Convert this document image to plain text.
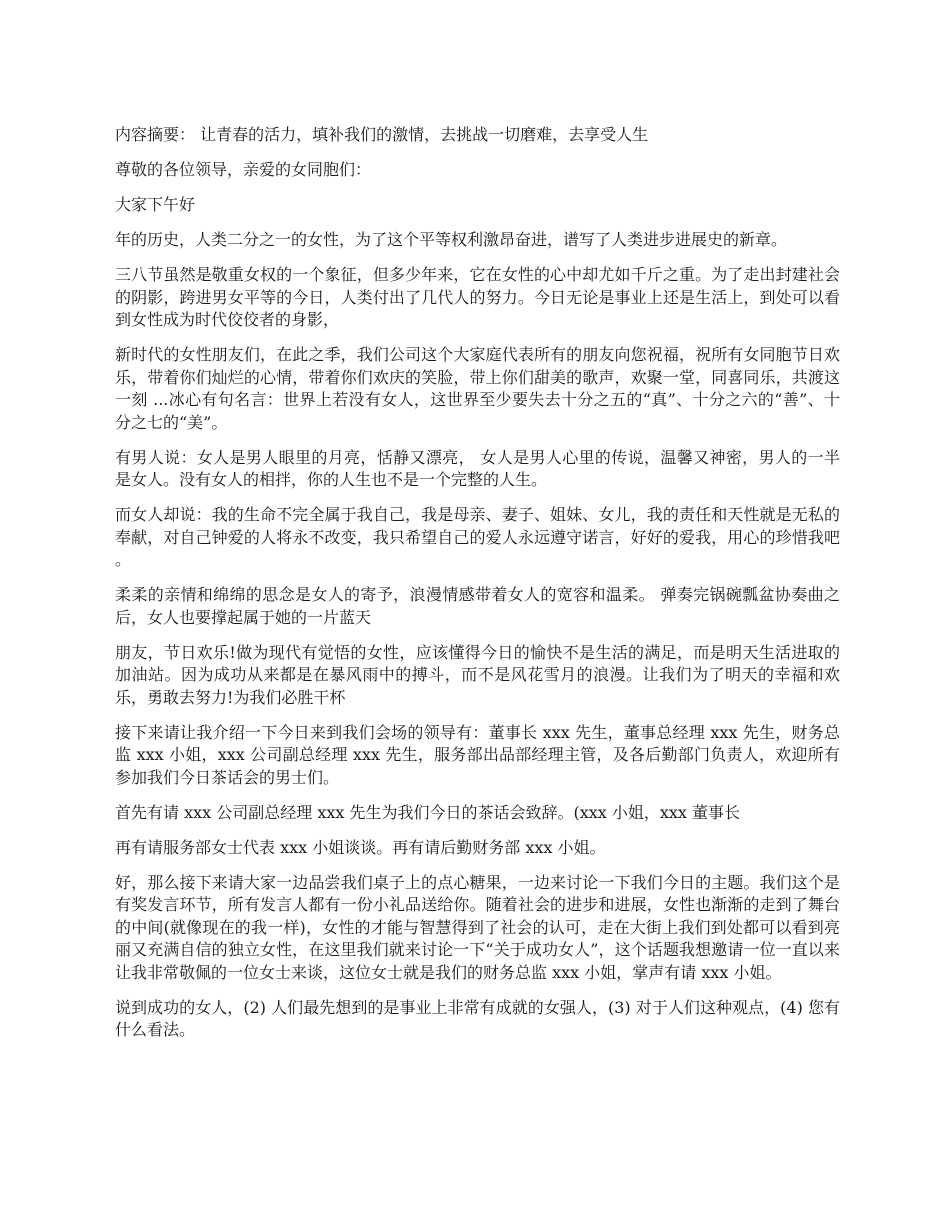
内容摘要： 让青春的活力，填补我们的激情，去挑战一切磨难，去享受人生

尊敬的各位领导，亲爱的女同胞们：

大家下午好

年的历史，人类二分之一的女性，为了这个平等权利激昂奋进，谱写了人类进步进展史的新章。

三八节虽然是敬重女权的一个象征，但多少年来，它在女性的心中却尤如千斤之重。为了走出封建社会的阴影，跨进男女平等的今日，人类付出了几代人的努力。今日无论是事业上还是生活上，到处可以看到女性成为时代佼佼者的身影，

新时代的女性朋友们，在此之季，我们公司这个大家庭代表所有的朋友向您祝福，祝所有女同胞节日欢乐，带着你们灿烂的心情，带着你们欢庆的笑脸，带上你们甜美的歌声，欢聚一堂，同喜同乐，共渡这一刻 ...冰心有句名言：世界上若没有女人，这世界至少要失去十分之五的“真”、十分之六的“善”、十分之七的“美”。

有男人说：女人是男人眼里的月亮，恬静又漂亮， 女人是男人心里的传说，温馨又神密，男人的一半是女人。没有女人的相拌，你的人生也不是一个完整的人生。

而女人却说：我的生命不完全属于我自己，我是母亲、妻子、姐妹、女儿，我的责任和天性就是无私的奉献，对自己钟爱的人将永不改变，我只希望自己的爱人永远遵守诺言，好好的爱我，用心的珍惜我吧 。

柔柔的亲情和绵绵的思念是女人的寄予，浪漫情感带着女人的宽容和温柔。 弹奏完锅碗瓢盆协奏曲之后，女人也要撑起属于她的一片蓝天

朋友，节日欢乐!做为现代有觉悟的女性，应该懂得今日的愉快不是生活的满足，而是明天生活进取的加油站。因为成功从来都是在暴风雨中的搏斗，而不是风花雪月的浪漫。让我们为了明天的幸福和欢乐，勇敢去努力!为我们必胜干杯

接下来请让我介绍一下今日来到我们会场的领导有：董事长 xxx 先生，董事总经理 xxx 先生，财务总监 xxx 小姐，xxx 公司副总经理 xxx 先生，服务部出品部经理主管，及各后勤部门负责人，欢迎所有参加我们今日茶话会的男士们。

首先有请 xxx 公司副总经理 xxx 先生为我们今日的茶话会致辞。(xxx 小姐，xxx 董事长

再有请服务部女士代表 xxx 小姐谈谈。再有请后勤财务部 xxx 小姐。

好，那么接下来请大家一边品尝我们桌子上的点心糖果，一边来讨论一下我们今日的主题。我们这个是有奖发言环节，所有发言人都有一份小礼品送给你。随着社会的进步和进展，女性也渐渐的走到了舞台的中间(就像现在的我一样)，女性的才能与智慧得到了社会的认可，走在大街上我们到处都可以看到亮丽又充满自信的独立女性，在这里我们就来讨论一下“关于成功女人”，这个话题我想邀请一位一直以来让我非常敬佩的一位女士来谈，这位女士就是我们的财务总监 xxx 小姐，掌声有请 xxx 小姐。

说到成功的女人，(2) 人们最先想到的是事业上非常有成就的女强人，(3) 对于人们这种观点，(4) 您有什么看法。
